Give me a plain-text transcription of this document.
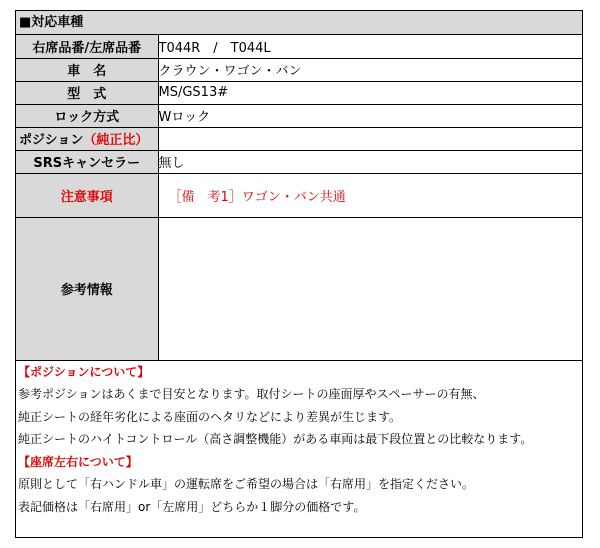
■対応車種
右席品番/左席品番	T044R　/　T044L
車　名	クラウン・ワゴン・バン
型　式	MS/GS13#
ロック方式	Wロック
ポジション（純正比）	
SRSキャンセラー	無し
注意事項	［備　考1］ワゴン・バン共通
参考情報	
【ポジションについて】
参考ポジションはあくまで目安となります。取付シートの座面厚やスペーサーの有無、
純正シートの経年劣化による座面のヘタリなどにより差異が生じます。
純正シートのハイトコントロール（高さ調整機能）がある車両は最下段位置との比較なります。
【座席左右について】
原則として「右ハンドル車」の運転席をご希望の場合は「右席用」を指定ください。
表記価格は「右席用」or「左席用」どちらか１脚分の価格です。
